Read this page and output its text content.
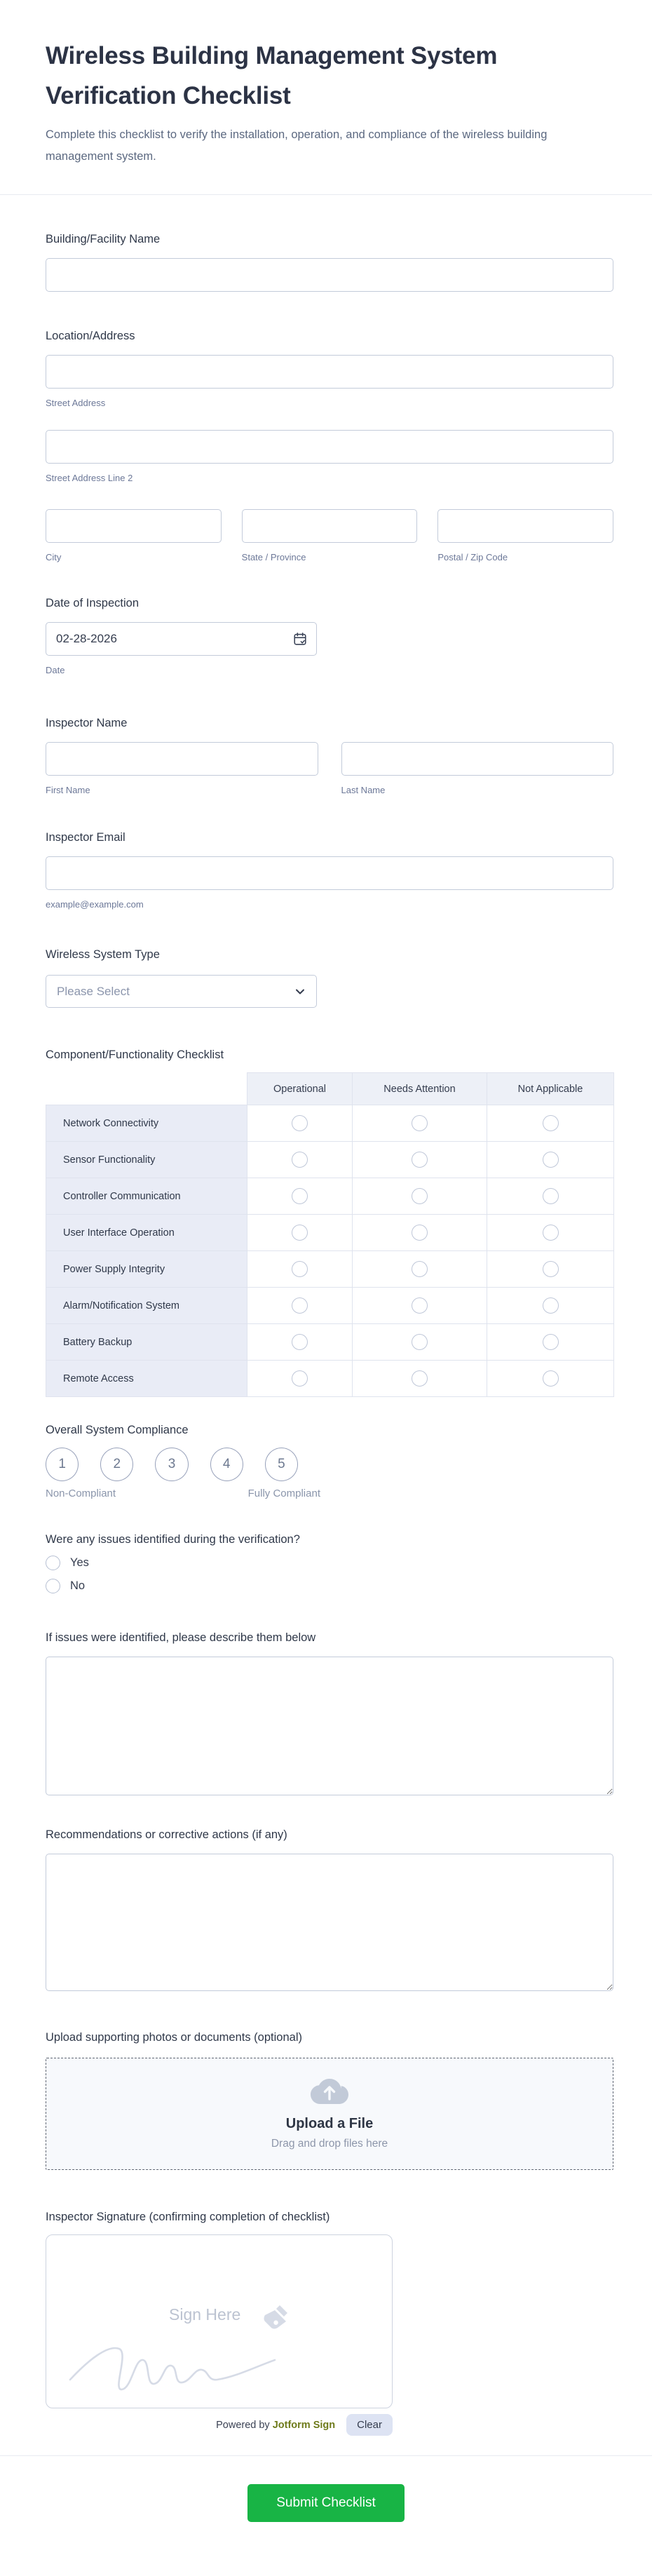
Wireless Building Management System Verification Checklist

Complete this checklist to verify the installation, operation, and compliance of the wireless building management system.

Building/Facility Name
Location/Address
Street Address
Street Address Line 2
City	State / Province	Postal / Zip Code
Date of Inspection
02-28-2026
Date
Inspector Name
First Name	Last Name
Inspector Email
example@example.com
Wireless System Type
Please Select
Component/Functionality Checklist
	Operational	Needs Attention	Not Applicable
Network Connectivity			
Sensor Functionality			
Controller Communication			
User Interface Operation			
Power Supply Integrity			
Alarm/Notification System			
Battery Backup			
Remote Access			
Overall System Compliance
1	2	3	4	5
Non-Compliant	Fully Compliant
Were any issues identified during the verification?
Yes
No
If issues were identified, please describe them below
Recommendations or corrective actions (if any)
Upload supporting photos or documents (optional)
Upload a File
Drag and drop files here
Inspector Signature (confirming completion of checklist)
Sign Here
Powered by Jotform Sign	Clear
Submit Checklist
